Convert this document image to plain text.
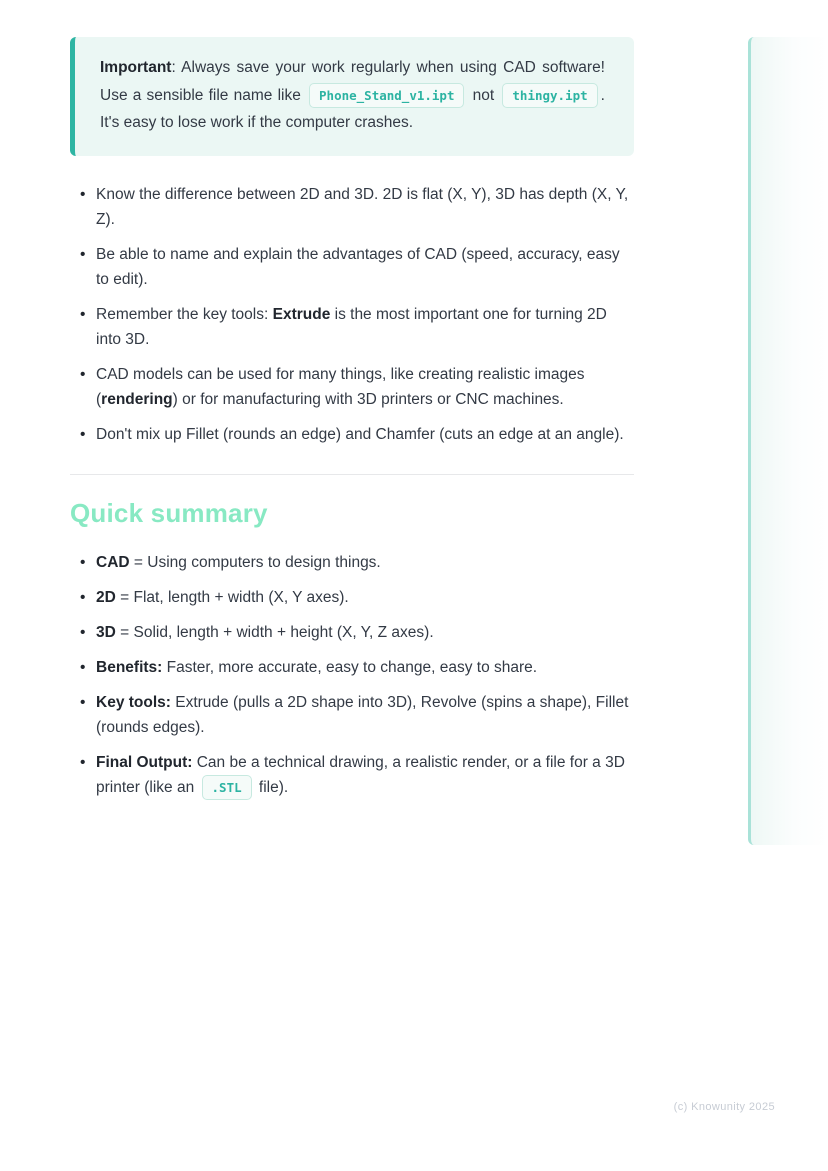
Important: Always save your work regularly when using CAD software! Use a sensible file name like Phone_Stand_v1.ipt not thingy.ipt . It's easy to lose work if the computer crashes.

• Know the difference between 2D and 3D. 2D is flat (X, Y), 3D has depth (X, Y, Z).
• Be able to name and explain the advantages of CAD (speed, accuracy, easy to edit).
• Remember the key tools: Extrude is the most important one for turning 2D into 3D.
• CAD models can be used for many things, like creating realistic images (rendering) or for manufacturing with 3D printers or CNC machines.
• Don't mix up Fillet (rounds an edge) and Chamfer (cuts an edge at an angle).
Quick summary
• CAD = Using computers to design things.
• 2D = Flat, length + width (X, Y axes).
• 3D = Solid, length + width + height (X, Y, Z axes).
• Benefits: Faster, more accurate, easy to change, easy to share.
• Key tools: Extrude (pulls a 2D shape into 3D), Revolve (spins a shape), Fillet (rounds edges).
• Final Output: Can be a technical drawing, a realistic render, or a file for a 3D printer (like an .STL file).
(c) Knowunity 2025
